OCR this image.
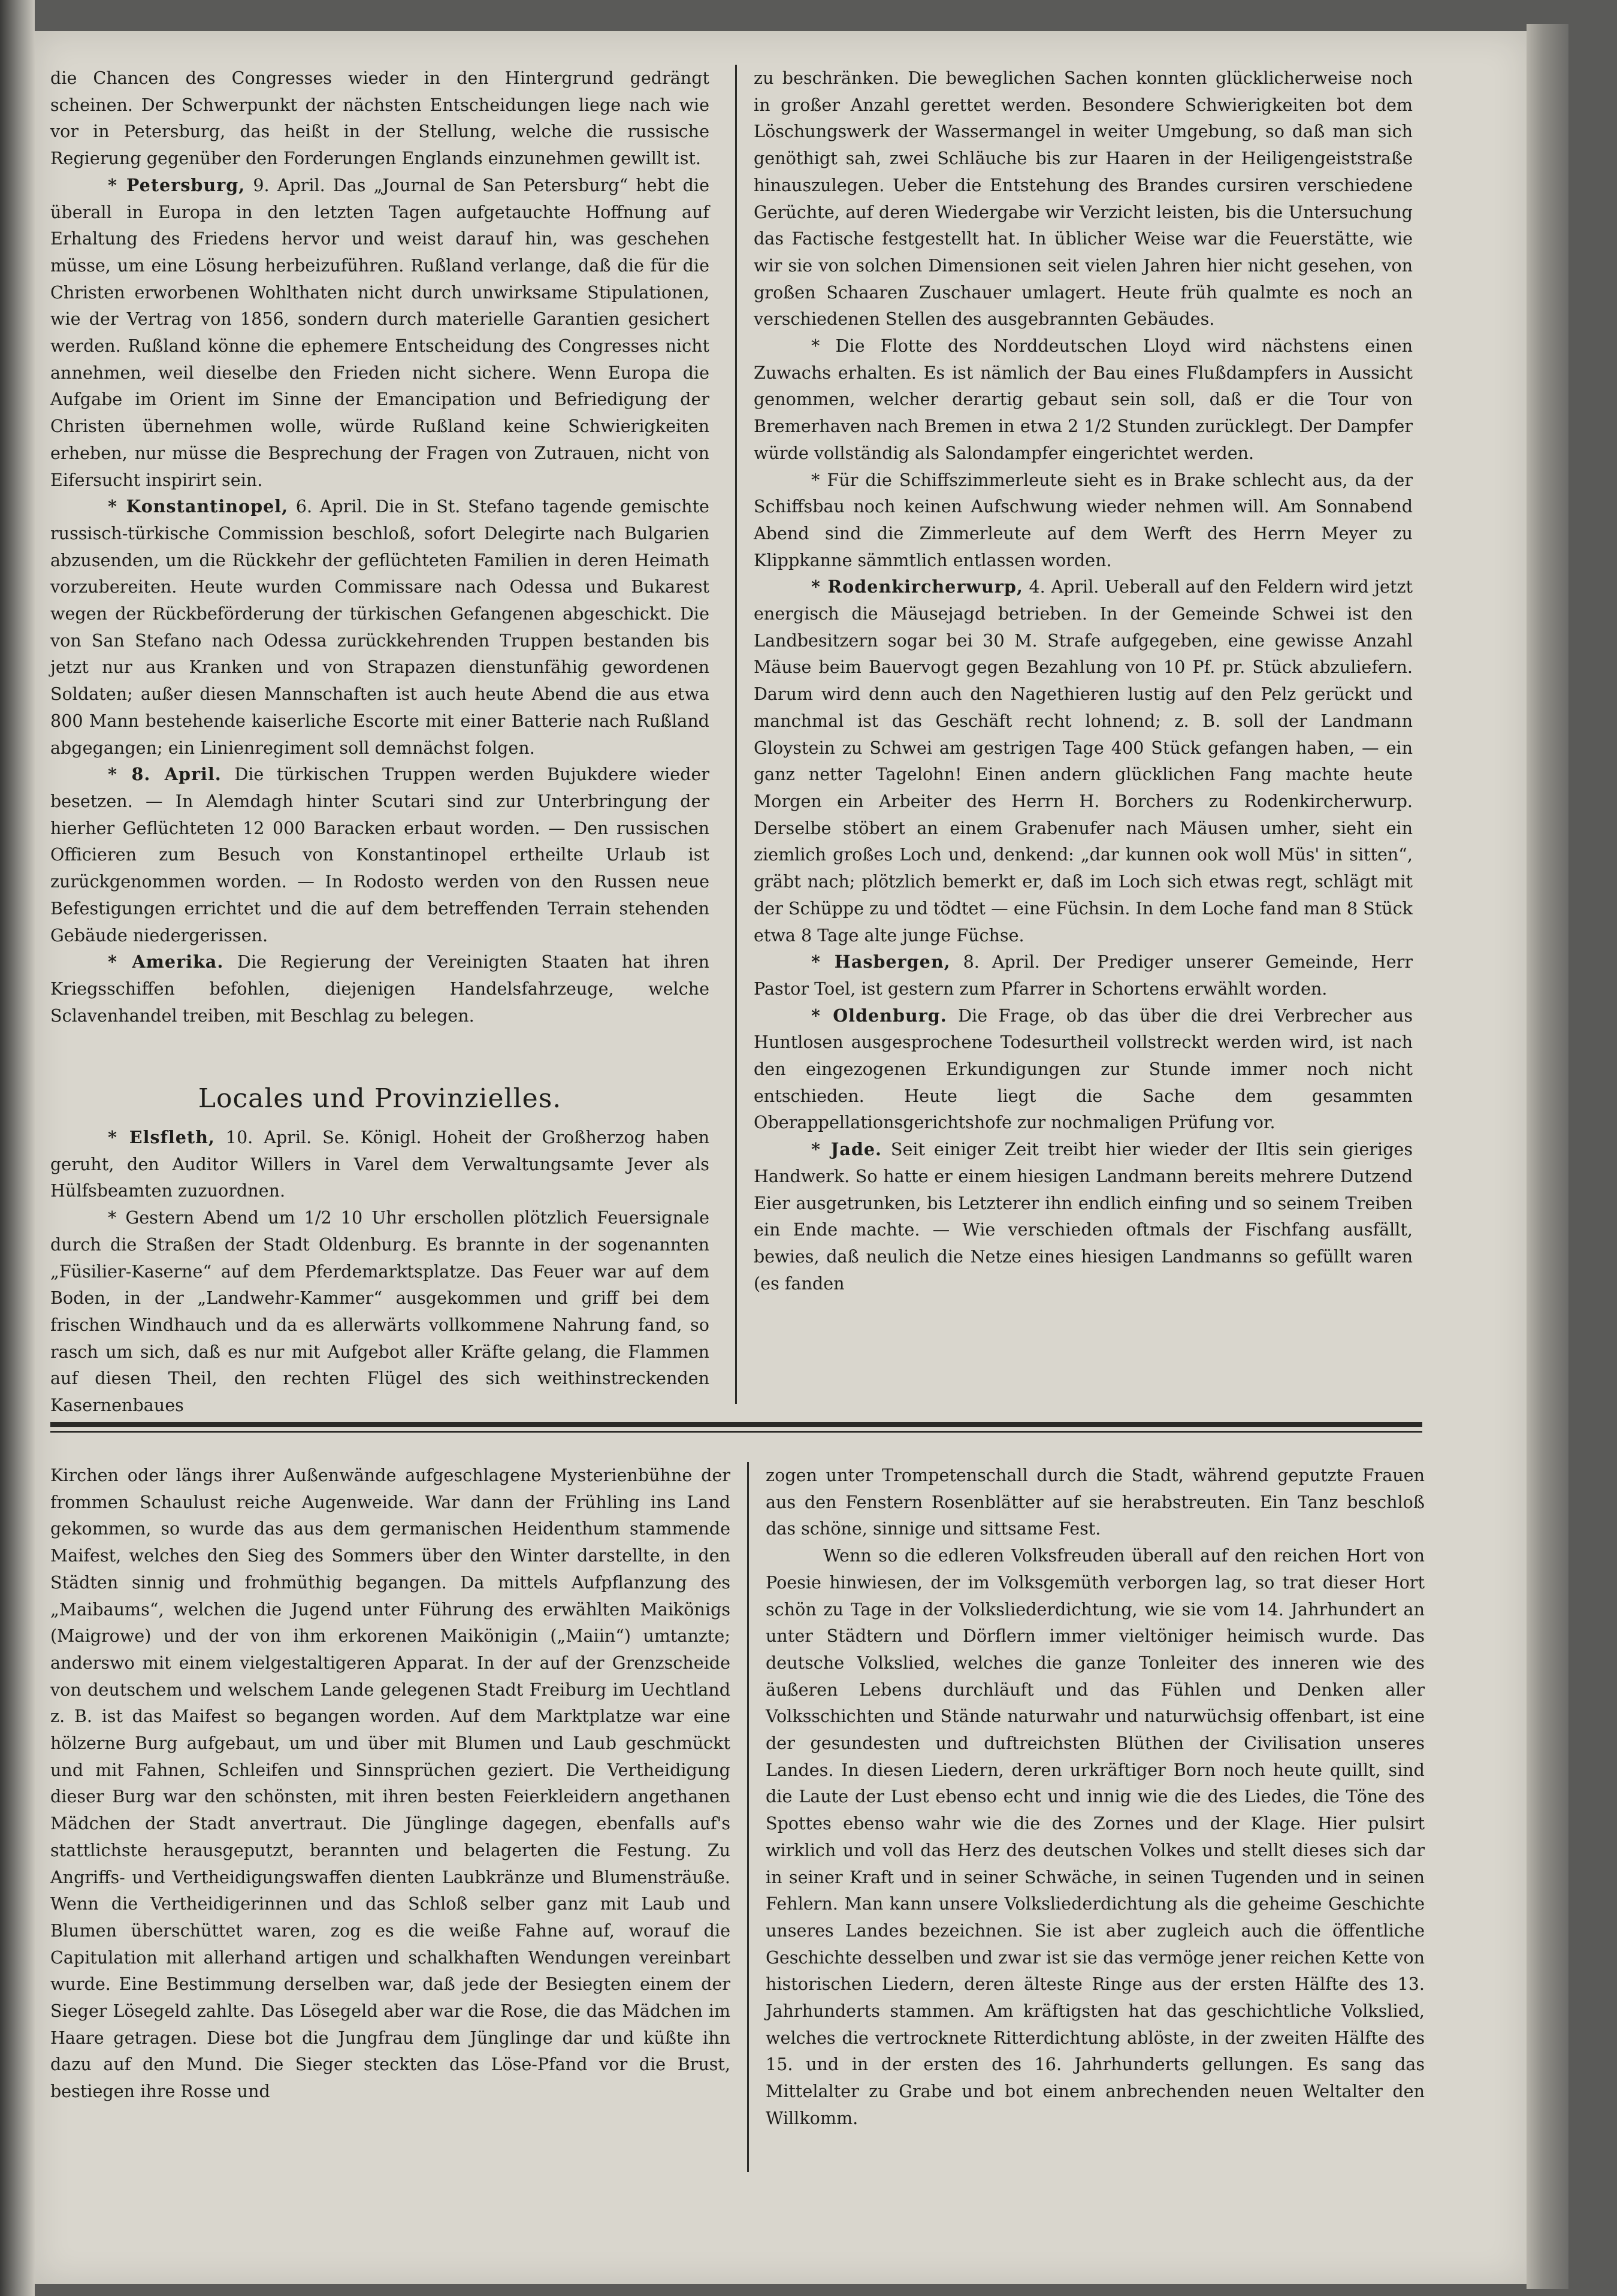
die Chancen des Congresses wieder in den Hintergrund gedrängt scheinen. Der Schwerpunkt der nächsten Entscheidungen liege nach wie vor in Petersburg, das heißt in der Stellung, welche die russische Regierung gegenüber den Forderungen Englands einzunehmen gewillt ist.

* Petersburg, 9. April. Das „Journal de San Petersburg“ hebt die überall in Europa in den letzten Tagen aufgetauchte Hoffnung auf Erhaltung des Friedens hervor und weist darauf hin, was geschehen müsse, um eine Lösung herbeizuführen. Rußland verlange, daß die für die Christen erworbenen Wohlthaten nicht durch unwirksame Stipulationen, wie der Vertrag von 1856, sondern durch materielle Garantien gesichert werden. Rußland könne die ephemere Entscheidung des Congresses nicht annehmen, weil dieselbe den Frieden nicht sichere. Wenn Europa die Aufgabe im Orient im Sinne der Emancipation und Befriedigung der Christen übernehmen wolle, würde Rußland keine Schwierigkeiten erheben, nur müsse die Besprechung der Fragen von Zutrauen, nicht von Eifersucht inspirirt sein.

* Konstantinopel, 6. April. Die in St. Stefano tagende gemischte russisch-türkische Commission beschloß, sofort Delegirte nach Bulgarien abzusenden, um die Rückkehr der geflüchteten Familien in deren Heimath vorzubereiten. Heute wurden Commissare nach Odessa und Bukarest wegen der Rückbeförderung der türkischen Gefangenen abgeschickt. Die von San Stefano nach Odessa zurückkehrenden Truppen bestanden bis jetzt nur aus Kranken und von Strapazen dienstunfähig gewordenen Soldaten; außer diesen Mannschaften ist auch heute Abend die aus etwa 800 Mann bestehende kaiserliche Escorte mit einer Batterie nach Rußland abgegangen; ein Linienregiment soll demnächst folgen.

* 8. April. Die türkischen Truppen werden Bujukdere wieder besetzen. — In Alemdagh hinter Scutari sind zur Unterbringung der hierher Geflüchteten 12 000 Baracken erbaut worden. — Den russischen Officieren zum Besuch von Konstantinopel ertheilte Urlaub ist zurückgenommen worden. — In Rodosto werden von den Russen neue Befestigungen errichtet und die auf dem betreffenden Terrain stehenden Gebäude niedergerissen.

* Amerika. Die Regierung der Vereinigten Staaten hat ihren Kriegsschiffen befohlen, diejenigen Handelsfahrzeuge, welche Sclavenhandel treiben, mit Beschlag zu belegen.

Locales und Provinzielles.

* Elsfleth, 10. April. Se. Königl. Hoheit der Großherzog haben geruht, den Auditor Willers in Varel dem Verwaltungsamte Jever als Hülfsbeamten zuzuordnen.

* Gestern Abend um 1/2 10 Uhr erschollen plötzlich Feuersignale durch die Straßen der Stadt Oldenburg. Es brannte in der sogenannten „Füsilier-Kaserne“ auf dem Pferdemarktsplatze. Das Feuer war auf dem Boden, in der „Landwehr-Kammer“ ausgekommen und griff bei dem frischen Windhauch und da es allerwärts vollkommene Nahrung fand, so rasch um sich, daß es nur mit Aufgebot aller Kräfte gelang, die Flammen auf diesen Theil, den rechten Flügel des sich weithinstreckenden Kasernenbaues

zu beschränken. Die beweglichen Sachen konnten glücklicherweise noch in großer Anzahl gerettet werden. Besondere Schwierigkeiten bot dem Löschungswerk der Wassermangel in weiter Umgebung, so daß man sich genöthigt sah, zwei Schläuche bis zur Haaren in der Heiligengeiststraße hinauszulegen. Ueber die Entstehung des Brandes cursiren verschiedene Gerüchte, auf deren Wiedergabe wir Verzicht leisten, bis die Untersuchung das Factische festgestellt hat. In üblicher Weise war die Feuerstätte, wie wir sie von solchen Dimensionen seit vielen Jahren hier nicht gesehen, von großen Schaaren Zuschauer umlagert. Heute früh qualmte es noch an verschiedenen Stellen des ausgebrannten Gebäudes.

* Die Flotte des Norddeutschen Lloyd wird nächstens einen Zuwachs erhalten. Es ist nämlich der Bau eines Flußdampfers in Aussicht genommen, welcher derartig gebaut sein soll, daß er die Tour von Bremerhaven nach Bremen in etwa 2 1/2 Stunden zurücklegt. Der Dampfer würde vollständig als Salondampfer eingerichtet werden.

* Für die Schiffszimmerleute sieht es in Brake schlecht aus, da der Schiffsbau noch keinen Aufschwung wieder nehmen will. Am Sonnabend Abend sind die Zimmerleute auf dem Werft des Herrn Meyer zu Klippkanne sämmtlich entlassen worden.

* Rodenkircherwurp, 4. April. Ueberall auf den Feldern wird jetzt energisch die Mäusejagd betrieben. In der Gemeinde Schwei ist den Landbesitzern sogar bei 30 M. Strafe aufgegeben, eine gewisse Anzahl Mäuse beim Bauervogt gegen Bezahlung von 10 Pf. pr. Stück abzuliefern. Darum wird denn auch den Nagethieren lustig auf den Pelz gerückt und manchmal ist das Geschäft recht lohnend; z. B. soll der Landmann Gloystein zu Schwei am gestrigen Tage 400 Stück gefangen haben, — ein ganz netter Tagelohn! Einen andern glücklichen Fang machte heute Morgen ein Arbeiter des Herrn H. Borchers zu Rodenkircherwurp. Derselbe stöbert an einem Grabenufer nach Mäusen umher, sieht ein ziemlich großes Loch und, denkend: „dar kunnen ook woll Müs' in sitten“, gräbt nach; plötzlich bemerkt er, daß im Loch sich etwas regt, schlägt mit der Schüppe zu und tödtet — eine Füchsin. In dem Loche fand man 8 Stück etwa 8 Tage alte junge Füchse.

* Hasbergen, 8. April. Der Prediger unserer Gemeinde, Herr Pastor Toel, ist gestern zum Pfarrer in Schortens erwählt worden.

* Oldenburg. Die Frage, ob das über die drei Verbrecher aus Huntlosen ausgesprochene Todesurtheil vollstreckt werden wird, ist nach den eingezogenen Erkundigungen zur Stunde immer noch nicht entschieden. Heute liegt die Sache dem gesammten Oberappellationsgerichtshofe zur nochmaligen Prüfung vor.

* Jade. Seit einiger Zeit treibt hier wieder der Iltis sein gieriges Handwerk. So hatte er einem hiesigen Landmann bereits mehrere Dutzend Eier ausgetrunken, bis Letzterer ihn endlich einfing und so seinem Treiben ein Ende machte. — Wie verschieden oftmals der Fischfang ausfällt, bewies, daß neulich die Netze eines hiesigen Landmanns so gefüllt waren (es fanden

Kirchen oder längs ihrer Außenwände aufgeschlagene Mysterienbühne der frommen Schaulust reiche Augenweide. War dann der Frühling ins Land gekommen, so wurde das aus dem germanischen Heidenthum stammende Maifest, welches den Sieg des Sommers über den Winter darstellte, in den Städten sinnig und frohmüthig begangen. Da mittels Aufpflanzung des „Maibaums“, welchen die Jugend unter Führung des erwählten Maikönigs (Maigrowe) und der von ihm erkorenen Maikönigin („Maiin“) umtanzte; anderswo mit einem vielgestaltigeren Apparat. In der auf der Grenzscheide von deutschem und welschem Lande gelegenen Stadt Freiburg im Uechtland z. B. ist das Maifest so begangen worden. Auf dem Marktplatze war eine hölzerne Burg aufgebaut, um und über mit Blumen und Laub geschmückt und mit Fahnen, Schleifen und Sinnsprüchen geziert. Die Vertheidigung dieser Burg war den schönsten, mit ihren besten Feierkleidern angethanen Mädchen der Stadt anvertraut. Die Jünglinge dagegen, ebenfalls auf's stattlichste herausgeputzt, berannten und belagerten die Festung. Zu Angriffs- und Vertheidigungswaffen dienten Laubkränze und Blumensträuße. Wenn die Vertheidigerinnen und das Schloß selber ganz mit Laub und Blumen überschüttet waren, zog es die weiße Fahne auf, worauf die Capitulation mit allerhand artigen und schalkhaften Wendungen vereinbart wurde. Eine Bestimmung derselben war, daß jede der Besiegten einem der Sieger Lösegeld zahlte. Das Lösegeld aber war die Rose, die das Mädchen im Haare getragen. Diese bot die Jungfrau dem Jünglinge dar und küßte ihn dazu auf den Mund. Die Sieger steckten das Löse-Pfand vor die Brust, bestiegen ihre Rosse und

zogen unter Trompetenschall durch die Stadt, während geputzte Frauen aus den Fenstern Rosenblätter auf sie herabstreuten. Ein Tanz beschloß das schöne, sinnige und sittsame Fest.

Wenn so die edleren Volksfreuden überall auf den reichen Hort von Poesie hinwiesen, der im Volksgemüth verborgen lag, so trat dieser Hort schön zu Tage in der Volksliederdichtung, wie sie vom 14. Jahrhundert an unter Städtern und Dörflern immer vieltöniger heimisch wurde. Das deutsche Volkslied, welches die ganze Tonleiter des inneren wie des äußeren Lebens durchläuft und das Fühlen und Denken aller Volksschichten und Stände naturwahr und naturwüchsig offenbart, ist eine der gesundesten und duftreichsten Blüthen der Civilisation unseres Landes. In diesen Liedern, deren urkräftiger Born noch heute quillt, sind die Laute der Lust ebenso echt und innig wie die des Liedes, die Töne des Spottes ebenso wahr wie die des Zornes und der Klage. Hier pulsirt wirklich und voll das Herz des deutschen Volkes und stellt dieses sich dar in seiner Kraft und in seiner Schwäche, in seinen Tugenden und in seinen Fehlern. Man kann unsere Volksliederdichtung als die geheime Geschichte unseres Landes bezeichnen. Sie ist aber zugleich auch die öffentliche Geschichte desselben und zwar ist sie das vermöge jener reichen Kette von historischen Liedern, deren älteste Ringe aus der ersten Hälfte des 13. Jahrhunderts stammen. Am kräftigsten hat das geschichtliche Volkslied, welches die vertrocknete Ritterdichtung ablöste, in der zweiten Hälfte des 15. und in der ersten des 16. Jahrhunderts gellungen. Es sang das Mittelalter zu Grabe und bot einem anbrechenden neuen Weltalter den Willkomm.
